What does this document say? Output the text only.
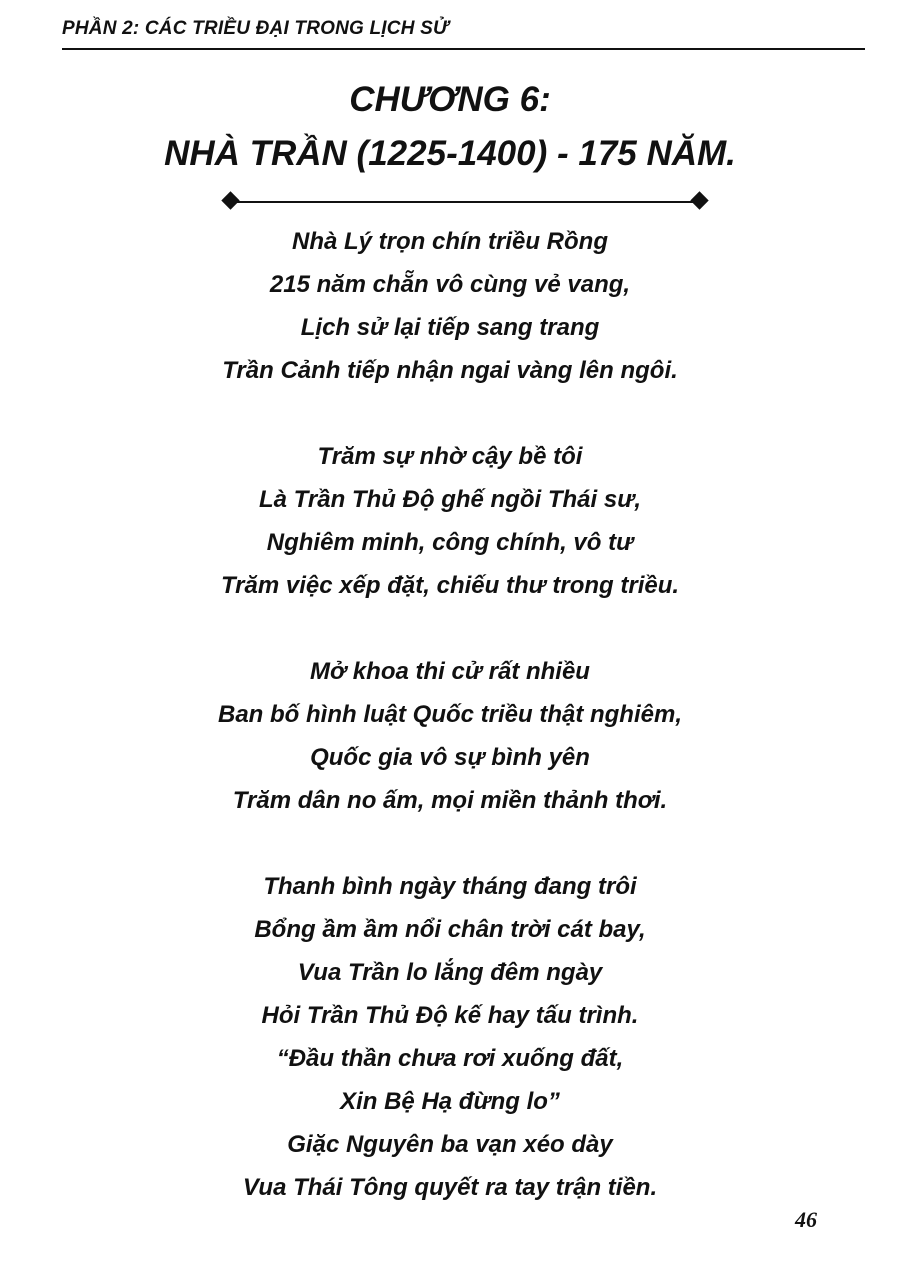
PHẦN 2: CÁC TRIỀU ĐẠI TRONG LỊCH SỬ
CHƯƠNG 6:
NHÀ TRẦN (1225-1400) - 175 NĂM.
Nhà Lý trọn chín triều Rồng
215 năm chẵn vô cùng vẻ vang,
Lịch sử lại tiếp sang trang
Trần Cảnh tiếp nhận ngai vàng lên ngôi.
Trăm sự nhờ cậy bề tôi
Là Trần Thủ Độ ghế ngồi Thái sư,
Nghiêm minh, công chính, vô tư
Trăm việc xếp đặt, chiếu thư trong triều.
Mở khoa thi cử rất nhiều
Ban bố hình luật Quốc triều thật nghiêm,
Quốc gia vô sự bình yên
Trăm dân no ấm, mọi miền thảnh thơi.
Thanh bình ngày tháng đang trôi
Bổng ầm ầm nổi chân trời cát bay,
Vua Trần lo lắng đêm ngày
Hỏi Trần Thủ Độ kế hay tấu trình.
“Đầu thần chưa rơi xuống đất,
Xin Bệ Hạ đừng lo”
Giặc Nguyên ba vạn xéo dày
Vua Thái Tông quyết ra tay trận tiền.
46
